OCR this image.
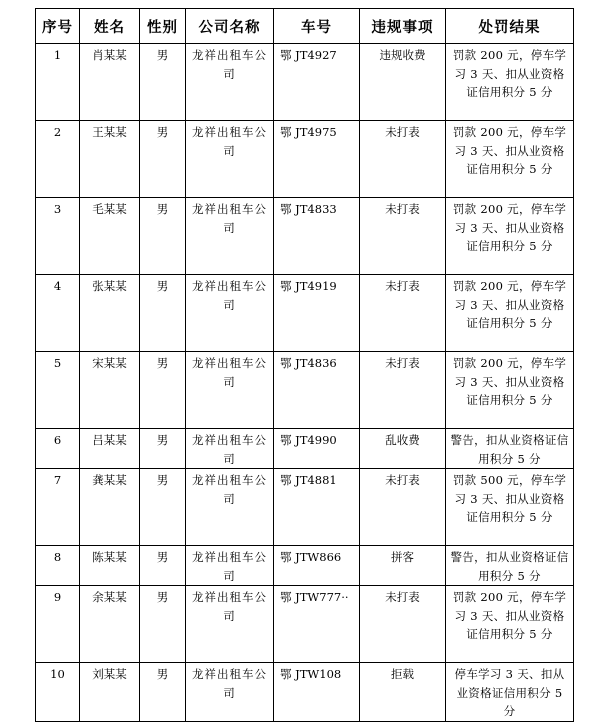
序号	姓名	性别	公司名称	车号	违规事项	处罚结果
1	肖某某	男	龙祥出租车公司	鄂 JT4927	违规收费	罚款 200 元，停车学习 3 天、扣从业资格证信用积分 5 分
2	王某某	男	龙祥出租车公司	鄂 JT4975	未打表	罚款 200 元，停车学习 3 天、扣从业资格证信用积分 5 分
3	毛某某	男	龙祥出租车公司	鄂 JT4833	未打表	罚款 200 元，停车学习 3 天、扣从业资格证信用积分 5 分
4	张某某	男	龙祥出租车公司	鄂 JT4919	未打表	罚款 200 元，停车学习 3 天、扣从业资格证信用积分 5 分
5	宋某某	男	龙祥出租车公司	鄂 JT4836	未打表	罚款 200 元，停车学习 3 天、扣从业资格证信用积分 5 分
6	吕某某	男	龙祥出租车公司	鄂 JT4990	乱收费	警告，扣从业资格证信用积分 5 分
7	龚某某	男	龙祥出租车公司	鄂 JT4881	未打表	罚款 500 元，停车学习 3 天、扣从业资格证信用积分 5 分
8	陈某某	男	龙祥出租车公司	鄂 JTW866	拼客	警告，扣从业资格证信用积分 5 分
9	余某某	男	龙祥出租车公司	鄂 JTW777··	未打表	罚款 200 元，停车学习 3 天、扣从业资格证信用积分 5 分
10	刘某某	男	龙祥出租车公司	鄂 JTW108	拒载	停车学习 3 天、扣从业资格证信用积分 5 分
